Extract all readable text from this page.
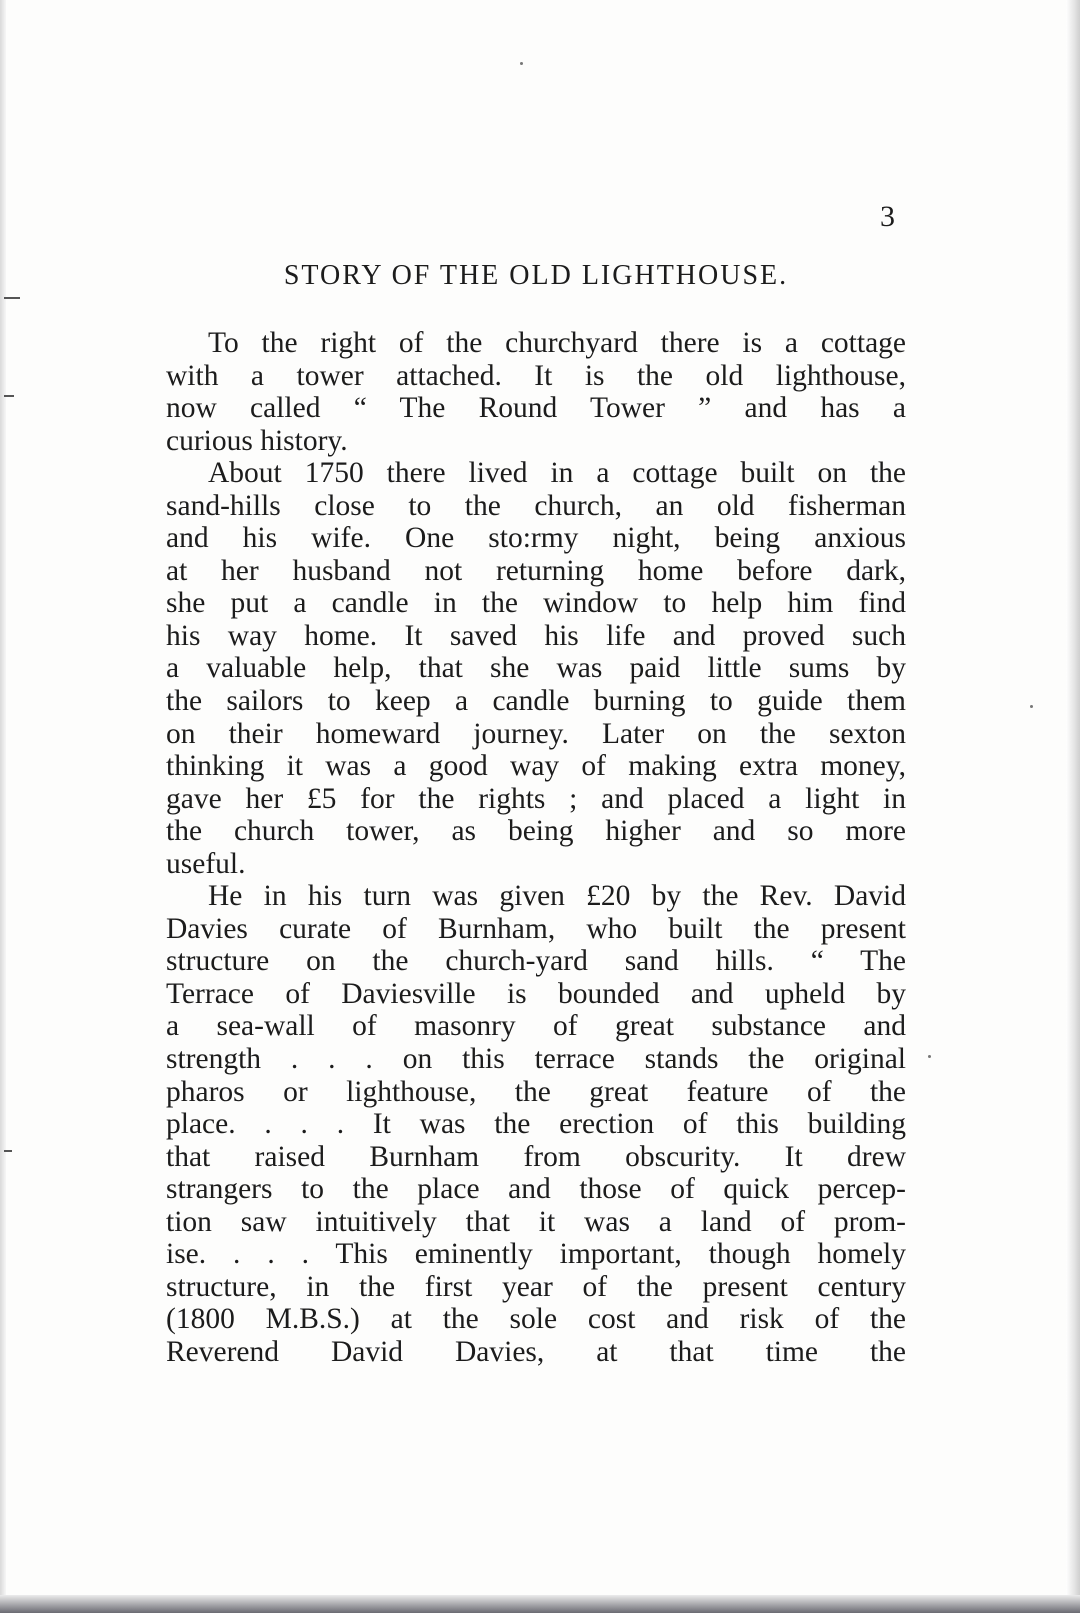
3
STORY OF THE OLD LIGHTHOUSE.
To the right of the churchyard there is a cottage
with a tower attached. It is the old lighthouse,
now called “ The Round Tower ” and has a
curious history.
About 1750 there lived in a cottage built on the
sand-hills close to the church, an old fisherman
and his wife. One sto:rmy night, being anxious
at her husband not returning home before dark,
she put a candle in the window to help him find
his way home. It saved his life and proved such
a valuable help, that she was paid little sums by
the sailors to keep a candle burning to guide them
on their homeward journey. Later on the sexton
thinking it was a good way of making extra money,
gave her £5 for the rights ; and placed a light in
the church tower, as being higher and so more
useful.
He in his turn was given £20 by the Rev. David
Davies curate of Burnham, who built the present
structure on the church-yard sand hills. “ The
Terrace of Daviesville is bounded and upheld by
a sea-wall of masonry of great substance and
strength . . . on this terrace stands the original
pharos or lighthouse, the great feature of the
place. . . . It was the erection of this building
that raised Burnham from obscurity. It drew
strangers to the place and those of quick percep-
tion saw intuitively that it was a land of prom-
ise. . . . This eminently important, though homely
structure, in the first year of the present century
(1800 M.B.S.) at the sole cost and risk of the
Reverend David Davies, at that time the
